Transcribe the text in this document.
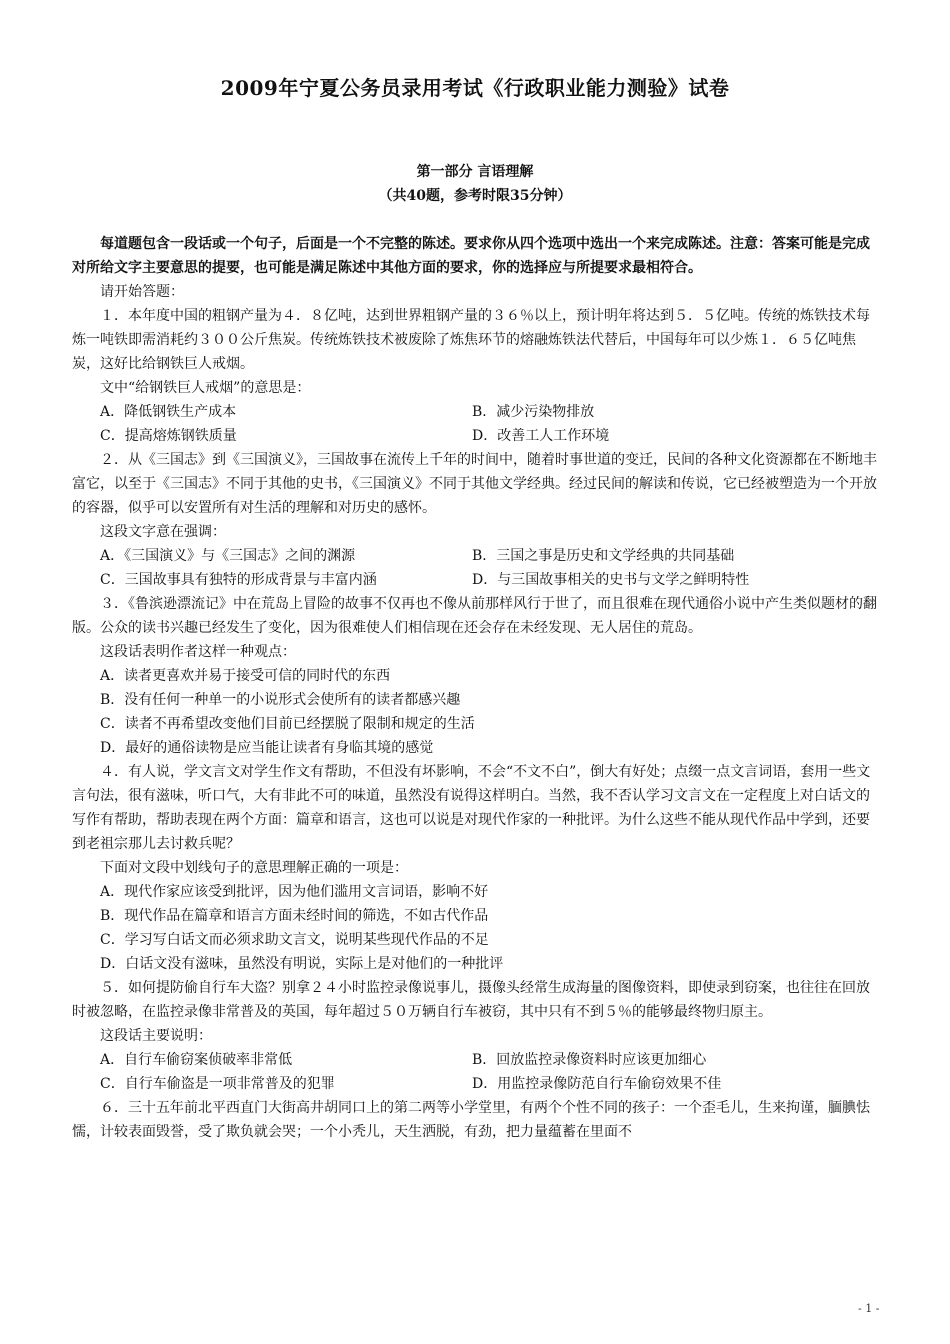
2009年宁夏公务员录用考试《行政职业能力测验》试卷
第一部分 言语理解
（共40题，参考时限35分钟）

每道题包含一段话或一个句子，后面是一个不完整的陈述。要求你从四个选项中选出一个来完成陈述。注意：答案可能是完成对所给文字主要意思的提要，也可能是满足陈述中其他方面的要求，你的选择应与所提要求最相符合。

请开始答题：

１．本年度中国的粗钢产量为４．８亿吨，达到世界粗钢产量的３６％以上，预计明年将达到５．５亿吨。传统的炼铁技术每炼一吨铁即需消耗约３００公斤焦炭。传统炼铁技术被废除了炼焦环节的熔融炼铁法代替后，中国每年可以少炼１．６５亿吨焦炭，这好比给钢铁巨人戒烟。

文中“给钢铁巨人戒烟”的意思是：

A．降低钢铁生产成本	B．减少污染物排放
C．提高熔炼钢铁质量	D．改善工人工作环境

２．从《三国志》到《三国演义》，三国故事在流传上千年的时间中，随着时事世道的变迁，民间的各种文化资源都在不断地丰富它，以至于《三国志》不同于其他的史书，《三国演义》不同于其他文学经典。经过民间的解读和传说，它已经被塑造为一个开放的容器，似乎可以安置所有对生活的理解和对历史的感怀。

这段文字意在强调：

A．《三国演义》与《三国志》之间的渊源	B．三国之事是历史和文学经典的共同基础
C．三国故事具有独特的形成背景与丰富内涵	D．与三国故事相关的史书与文学之鲜明特性

３．《鲁滨逊漂流记》中在荒岛上冒险的故事不仅再也不像从前那样风行于世了，而且很难在现代通俗小说中产生类似题材的翻版。公众的读书兴趣已经发生了变化，因为很难使人们相信现在还会存在未经发现、无人居住的荒岛。

这段话表明作者这样一种观点：

A．读者更喜欢并易于接受可信的同时代的东西

B．没有任何一种单一的小说形式会使所有的读者都感兴趣

C．读者不再希望改变他们目前已经摆脱了限制和规定的生活

D．最好的通俗读物是应当能让读者有身临其境的感觉

４．有人说，学文言文对学生作文有帮助，不但没有坏影响，不会“不文不白”，倒大有好处；点缀一点文言词语，套用一些文言句法，很有滋味，听口气，大有非此不可的味道，虽然没有说得这样明白。当然，我不否认学习文言文在一定程度上对白话文的写作有帮助，帮助表现在两个方面：篇章和语言，这也可以说是对现代作家的一种批评。为什么这些不能从现代作品中学到，还要到老祖宗那儿去讨救兵呢？

下面对文段中划线句子的意思理解正确的一项是：

A．现代作家应该受到批评，因为他们滥用文言词语，影响不好

B．现代作品在篇章和语言方面未经时间的筛选，不如古代作品

C．学习写白话文而必须求助文言文，说明某些现代作品的不足

D．白话文没有滋味，虽然没有明说，实际上是对他们的一种批评

５．如何提防偷自行车大盗？别拿２４小时监控录像说事儿，摄像头经常生成海量的图像资料，即使录到窃案，也往往在回放时被忽略，在监控录像非常普及的英国，每年超过５０万辆自行车被窃，其中只有不到５％的能够最终物归原主。

这段话主要说明：

A．自行车偷窃案侦破率非常低	B．回放监控录像资料时应该更加细心
C．自行车偷盗是一项非常普及的犯罪	D．用监控录像防范自行车偷窃效果不佳

６．三十五年前北平西直门大街高井胡同口上的第二两等小学堂里，有两个个性不同的孩子：一个歪毛儿，生来拘谨，腼腆怯懦，计较表面毁誉，受了欺负就会哭；一个小秃儿，天生洒脱，有劲，把力量蕴蓄在里面不

- 1 -
